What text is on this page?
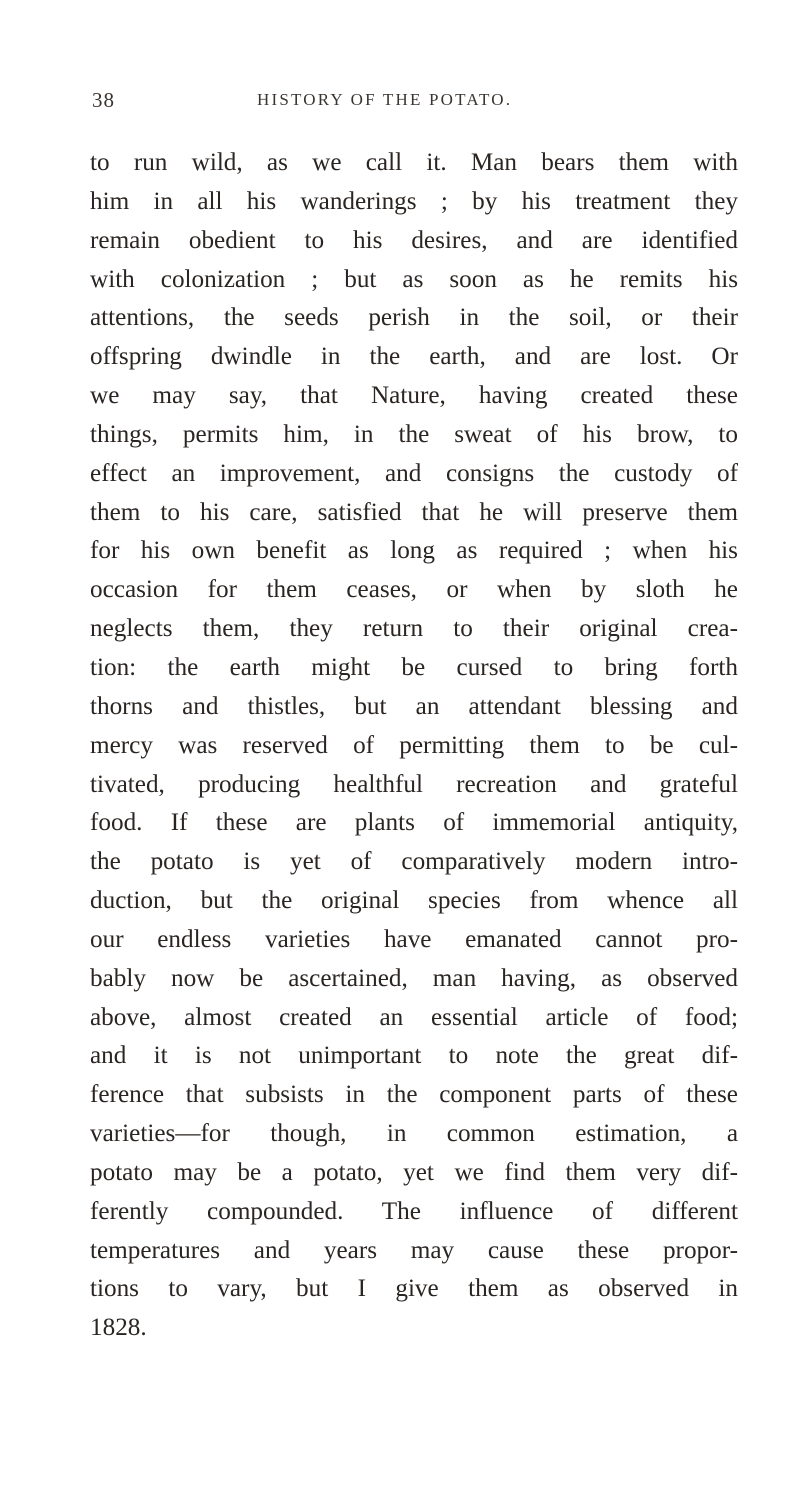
38	HISTORY OF THE POTATO.
to run wild, as we call it. Man bears them with
him in all his wanderings ; by his treatment they
remain obedient to his desires, and are identified
with colonization ; but as soon as he remits his
attentions, the seeds perish in the soil, or their
offspring dwindle in the earth, and are lost. Or
we may say, that Nature, having created these
things, permits him, in the sweat of his brow, to
effect an improvement, and consigns the custody of
them to his care, satisfied that he will preserve them
for his own benefit as long as required ; when his
occasion for them ceases, or when by sloth he
neglects them, they return to their original crea-
tion: the earth might be cursed to bring forth
thorns and thistles, but an attendant blessing and
mercy was reserved of permitting them to be cul-
tivated, producing healthful recreation and grateful
food. If these are plants of immemorial antiquity,
the potato is yet of comparatively modern intro-
duction, but the original species from whence all
our endless varieties have emanated cannot pro-
bably now be ascertained, man having, as observed
above, almost created an essential article of food;
and it is not unimportant to note the great dif-
ference that subsists in the component parts of these
varieties—for though, in common estimation, a
potato may be a potato, yet we find them very dif-
ferently compounded. The influence of different
temperatures and years may cause these propor-
tions to vary, but I give them as observed in
1828.
